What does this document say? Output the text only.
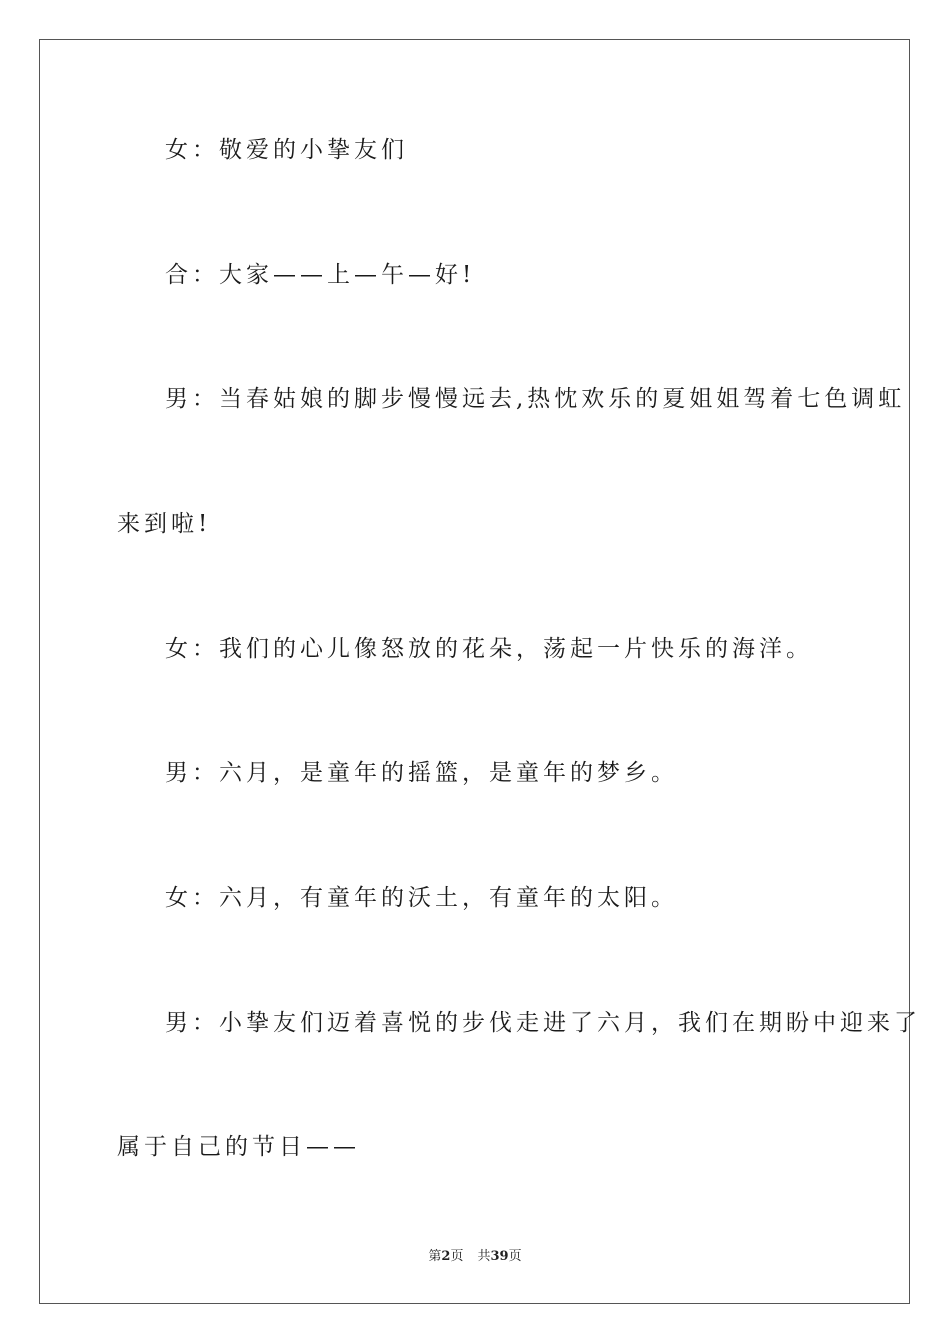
女：敬爱的小挚友们
合：大家——上—午—好!
男：当春姑娘的脚步慢慢远去,热忱欢乐的夏姐姐驾着七色调虹
来到啦!
女：我们的心儿像怒放的花朵，荡起一片快乐的海洋。
男：六月，是童年的摇篮，是童年的梦乡。
女：六月，有童年的沃土，有童年的太阳。
男：小挚友们迈着喜悦的步伐走进了六月，我们在期盼中迎来了
属于自己的节日——
第2页 共39页
